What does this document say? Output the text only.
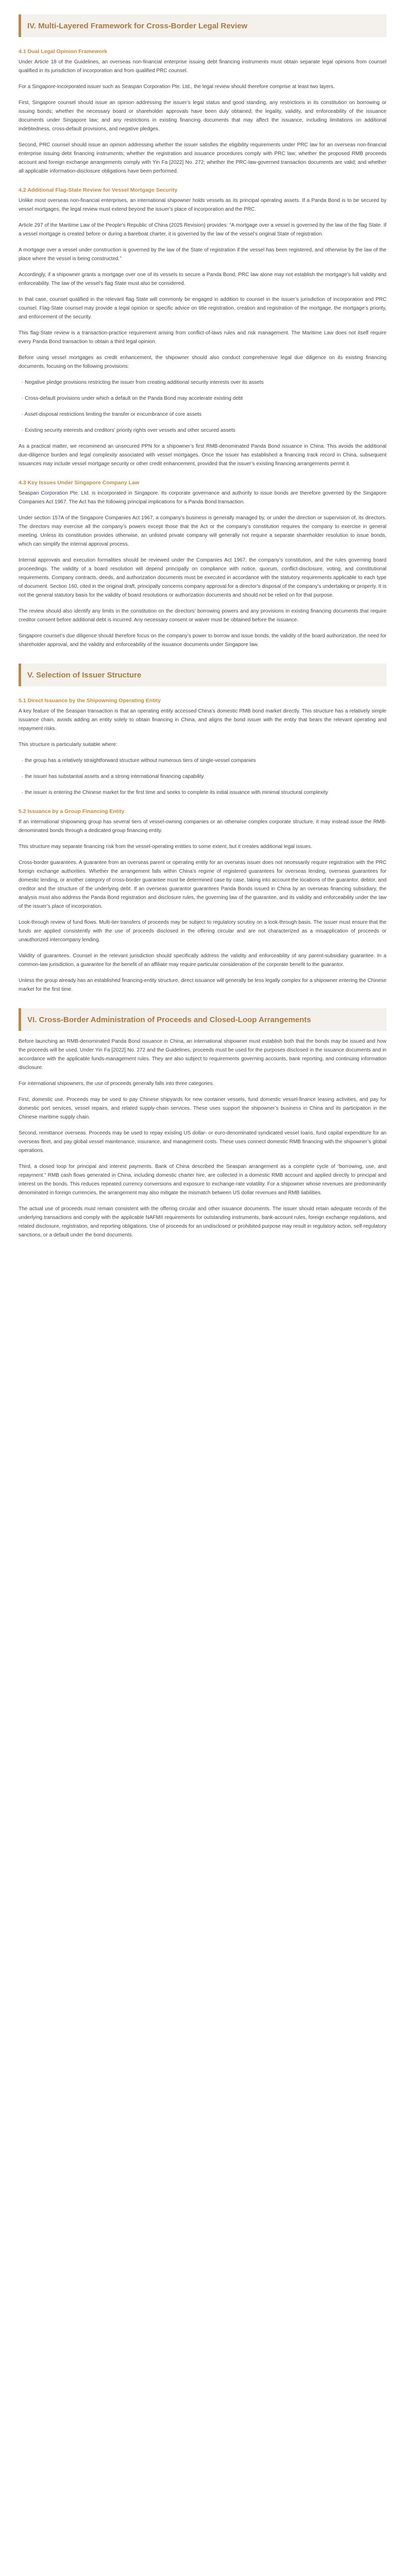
IV. Multi-Layered Framework for Cross-Border Legal Review
4.1 Dual Legal Opinion Framework

Under Article 18 of the Guidelines, an overseas non-financial enterprise issuing debt financing instruments must obtain separate legal opinions from counsel qualified in its jurisdiction of incorporation and from qualified PRC counsel.

For a Singapore-incorporated issuer such as Seaspan Corporation Pte. Ltd., the legal review should therefore comprise at least two layers.

First, Singapore counsel should issue an opinion addressing the issuer’s legal status and good standing, any restrictions in its constitution on borrowing or issuing bonds; whether the necessary board or shareholder approvals have been duly obtained; the legality, validity, and enforceability of the issuance documents under Singapore law; and any restrictions in existing financing documents that may affect the issuance, including limitations on additional indebtedness, cross-default provisions, and negative pledges.

Second, PRC counsel should issue an opinion addressing whether the issuer satisfies the eligibility requirements under PRC law for an overseas non-financial enterprise issuing debt financing instruments; whether the registration and issuance procedures comply with PRC law; whether the proposed RMB proceeds account and foreign exchange arrangements comply with Yin Fa [2022] No. 272; whether the PRC-law-governed transaction documents are valid; and whether all applicable information-disclosure obligations have been performed.

4.2 Additional Flag-State Review for Vessel Mortgage Security

Unlike most overseas non-financial enterprises, an international shipowner holds vessels as its principal operating assets. If a Panda Bond is to be secured by vessel mortgages, the legal review must extend beyond the issuer’s place of incorporation and the PRC.

Article 297 of the Maritime Law of the People’s Republic of China (2025 Revision) provides: “A mortgage over a vessel is governed by the law of the flag State. If a vessel mortgage is created before or during a bareboat charter, it is governed by the law of the vessel’s original State of registration.

A mortgage over a vessel under construction is governed by the law of the State of registration if the vessel has been registered, and otherwise by the law of the place where the vessel is being constructed.”

Accordingly, if a shipowner grants a mortgage over one of its vessels to secure a Panda Bond, PRC law alone may not establish the mortgage’s full validity and enforceability. The law of the vessel’s flag State must also be considered.

In that case, counsel qualified in the relevant flag State will commonly be engaged in addition to counsel in the issuer’s jurisdiction of incorporation and PRC counsel. Flag-State counsel may provide a legal opinion or specific advice on title registration, creation and registration of the mortgage, the mortgage’s priority, and enforcement of the security.

This flag-State review is a transaction-practice requirement arising from conflict-of-laws rules and risk management. The Maritime Law does not itself require every Panda Bond transaction to obtain a third legal opinion.

Before using vessel mortgages as credit enhancement, the shipowner should also conduct comprehensive legal due diligence on its existing financing documents, focusing on the following provisions:

· Negative pledge provisions restricting the issuer from creating additional security interests over its assets

· Cross-default provisions under which a default on the Panda Bond may accelerate existing debt

· Asset-disposal restrictions limiting the transfer or encumbrance of core assets

· Existing security interests and creditors’ priority rights over vessels and other secured assets

As a practical matter, we recommend an unsecured PPN for a shipowner’s first RMB-denominated Panda Bond issuance in China. This avoids the additional due-diligence burden and legal complexity associated with vessel mortgages. Once the issuer has established a financing track record in China, subsequent issuances may include vessel mortgage security or other credit enhancement, provided that the issuer’s existing financing arrangements permit it.

4.3 Key Issues Under Singapore Company Law

Seaspan Corporation Pte. Ltd. is incorporated in Singapore. Its corporate governance and authority to issue bonds are therefore governed by the Singapore Companies Act 1967. The Act has the following principal implications for a Panda Bond transaction.

Under section 157A of the Singapore Companies Act 1967, a company’s business is generally managed by, or under the direction or supervision of, its directors. The directors may exercise all the company’s powers except those that the Act or the company’s constitution requires the company to exercise in general meeting. Unless its constitution provides otherwise, an unlisted private company will generally not require a separate shareholder resolution to issue bonds, which can simplify the internal approval process.

Internal approvals and execution formalities should be reviewed under the Companies Act 1967, the company’s constitution, and the rules governing board proceedings. The validity of a board resolution will depend principally on compliance with notice, quorum, conflict-disclosure, voting, and constitutional requirements. Company contracts, deeds, and authorization documents must be executed in accordance with the statutory requirements applicable to each type of document. Section 160, cited in the original draft, principally concerns company approval for a director’s disposal of the company’s undertaking or property. It is not the general statutory basis for the validity of board resolutions or authorization documents and should not be relied on for that purpose.

The review should also identify any limits in the constitution on the directors’ borrowing powers and any provisions in existing financing documents that require creditor consent before additional debt is incurred. Any necessary consent or waiver must be obtained before the issuance.

Singapore counsel’s due diligence should therefore focus on the company’s power to borrow and issue bonds, the validity of the board authorization, the need for shareholder approval, and the validity and enforceability of the issuance documents under Singapore law.

V. Selection of Issuer Structure
5.1 Direct Issuance by the Shipowning Operating Entity

A key feature of the Seaspan transaction is that an operating entity accessed China’s domestic RMB bond market directly. This structure has a relatively simple issuance chain, avoids adding an entity solely to obtain financing in China, and aligns the bond issuer with the entity that bears the relevant operating and repayment risks.

This structure is particularly suitable where:

· the group has a relatively straightforward structure without numerous tiers of single-vessel companies

· the issuer has substantial assets and a strong international financing capability

· the issuer is entering the Chinese market for the first time and seeks to complete its initial issuance with minimal structural complexity

5.2 Issuance by a Group Financing Entity

If an international shipowning group has several tiers of vessel-owning companies or an otherwise complex corporate structure, it may instead issue the RMB-denominated bonds through a dedicated group financing entity.

This structure may separate financing risk from the vessel-operating entities to some extent, but it creates additional legal issues.

Cross-border guarantees. A guarantee from an overseas parent or operating entity for an overseas issuer does not necessarily require registration with the PRC foreign exchange authorities. Whether the arrangement falls within China’s regime of registered guarantees for overseas lending, overseas guarantees for domestic lending, or another category of cross-border guarantee must be determined case by case, taking into account the locations of the guarantor, debtor, and creditor and the structure of the underlying debt. If an overseas guarantor guarantees Panda Bonds issued in China by an overseas financing subsidiary, the analysis must also address the Panda Bond registration and disclosure rules, the governing law of the guarantee, and its validity and enforceability under the law of the issuer’s place of incorporation.

Look-through review of fund flows. Multi-tier transfers of proceeds may be subject to regulatory scrutiny on a look-through basis. The issuer must ensure that the funds are applied consistently with the use of proceeds disclosed in the offering circular and are not characterized as a misapplication of proceeds or unauthorized intercompany lending.

Validity of guarantees. Counsel in the relevant jurisdiction should specifically address the validity and enforceability of any parent-subsidiary guarantee. In a common-law jurisdiction, a guarantee for the benefit of an affiliate may require particular consideration of the corporate benefit to the guarantor.

Unless the group already has an established financing-entity structure, direct issuance will generally be less legally complex for a shipowner entering the Chinese market for the first time.

VI. Cross-Border Administration of Proceeds and Closed-Loop Arrangements

Before launching an RMB-denominated Panda Bond issuance in China, an international shipowner must establish both that the bonds may be issued and how the proceeds will be used. Under Yin Fa [2022] No. 272 and the Guidelines, proceeds must be used for the purposes disclosed in the issuance documents and in accordance with the applicable funds-management rules. They are also subject to requirements governing accounts, bank reporting, and continuing information disclosure.

For international shipowners, the use of proceeds generally falls into three categories.

First, domestic use. Proceeds may be used to pay Chinese shipyards for new container vessels, fund domestic vessel-finance leasing activities, and pay for domestic port services, vessel repairs, and related supply-chain services. These uses support the shipowner’s business in China and its participation in the Chinese maritime supply chain.

Second, remittance overseas. Proceeds may be used to repay existing US dollar- or euro-denominated syndicated vessel loans, fund capital expenditure for an overseas fleet, and pay global vessel maintenance, insurance, and management costs. These uses connect domestic RMB financing with the shipowner’s global operations.

Third, a closed loop for principal and interest payments. Bank of China described the Seaspan arrangement as a complete cycle of “borrowing, use, and repayment.” RMB cash flows generated in China, including domestic charter hire, are collected in a domestic RMB account and applied directly to principal and interest on the bonds. This reduces repeated currency conversions and exposure to exchange-rate volatility. For a shipowner whose revenues are predominantly denominated in foreign currencies, the arrangement may also mitigate the mismatch between US dollar revenues and RMB liabilities.

The actual use of proceeds must remain consistent with the offering circular and other issuance documents. The issuer should retain adequate records of the underlying transactions and comply with the applicable NAFMII requirements for outstanding instruments, bank-account rules, foreign exchange regulations, and related disclosure, registration, and reporting obligations. Use of proceeds for an undisclosed or prohibited purpose may result in regulatory action, self-regulatory sanctions, or a default under the bond documents.
